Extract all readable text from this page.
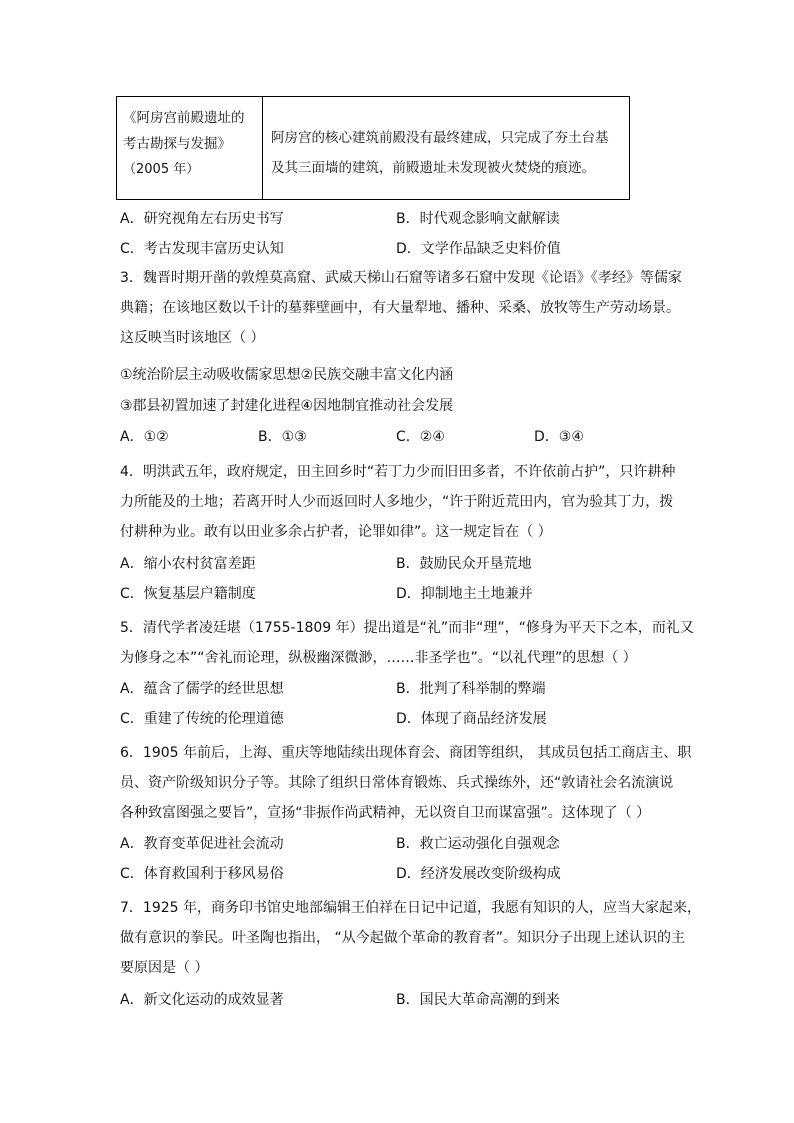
《阿房宫前殿遗址的
考古勘探与发掘》
（2005 年）
阿房宫的核心建筑前殿没有最终建成，只完成了夯土台基
及其三面墙的建筑，前殿遗址未发现被火焚烧的痕迹。
A．研究视角左右历史书写	B．时代观念影响文献解读
C．考古发现丰富历史认知	D．文学作品缺乏史料价值
3．魏晋时期开凿的敦煌莫高窟、武威天梯山石窟等诸多石窟中发现《论语》《孝经》等儒家
典籍；在该地区数以千计的墓葬壁画中，有大量犁地、播种、采桑、放牧等生产劳动场景。
这反映当时该地区（ ）
①统治阶层主动吸收儒家思想②民族交融丰富文化内涵
③郡县初置加速了封建化进程④因地制宜推动社会发展
A．①②	B．①③	C．②④	D．③④
4．明洪武五年，政府规定，田主回乡时“若丁力少而旧田多者，不许依前占护”，只许耕种
力所能及的土地；若离开时人少而返回时人多地少，“许于附近荒田内，官为验其丁力，拨
付耕种为业。敢有以田业多余占护者，论罪如律”。这一规定旨在（ ）
A．缩小农村贫富差距	B．鼓励民众开垦荒地
C．恢复基层户籍制度	D．抑制地主土地兼并
5．清代学者凌廷堪（1755-1809 年）提出道是“礼”而非“理”，“修身为平天下之本，而礼又
为修身之本”“舍礼而论理，纵极幽深微渺，……非圣学也”。“以礼代理”的思想（ ）
A．蕴含了儒学的经世思想	B．批判了科举制的弊端
C．重建了传统的伦理道德	D．体现了商品经济发展
6．1905 年前后，上海、重庆等地陆续出现体育会、商团等组织， 其成员包括工商店主、职
员、资产阶级知识分子等。其除了组织日常体育锻炼、兵式操练外，还“敦请社会名流演说
各种致富图强之要旨”，宣扬“非振作尚武精神，无以资自卫而谋富强”。这体现了（ ）
A．教育变革促进社会流动	B．救亡运动强化自强观念
C．体育救国利于移风易俗	D．经济发展改变阶级构成
7．1925 年，商务印书馆史地部编辑王伯祥在日记中记道，我愿有知识的人，应当大家起来，
做有意识的拳民。叶圣陶也指出， “从今起做个革命的教育者”。知识分子出现上述认识的主
要原因是（ ）
A．新文化运动的成效显著	B．国民大革命高潮的到来
